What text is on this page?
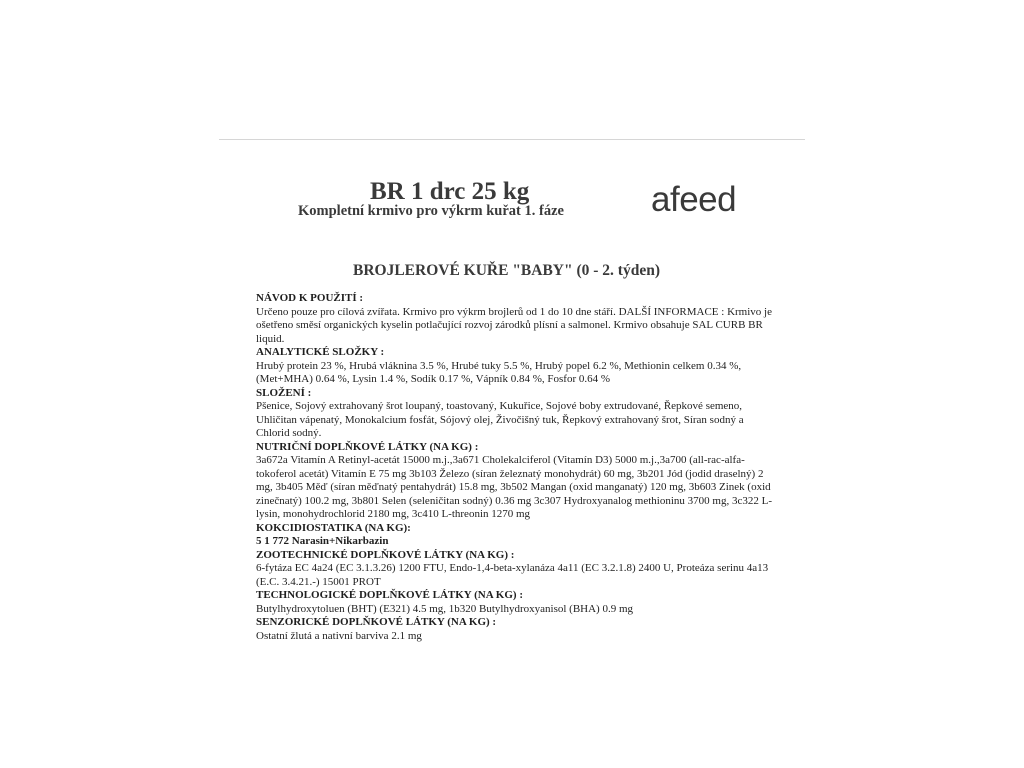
BR 1 drc 25 kg
Kompletní krmivo pro výkrm kuřat 1. fáze afeed
BROJLEROVÉ KUŘE "BABY" (0 - 2. týden)

NÁVOD K POUŽITÍ :

Určeno pouze pro cílová zvířata. Krmivo pro výkrm brojlerů od 1 do 10 dne stáří. DALŠÍ INFORMACE : Krmivo je ošetřeno směsí organických kyselin potlačující rozvoj zárodků plísní a salmonel. Krmivo obsahuje SAL CURB BR liquid.

ANALYTICKÉ SLOŽKY :

Hrubý protein 23 %, Hrubá vláknina 3.5 %, Hrubé tuky 5.5 %, Hrubý popel 6.2 %, Methionin celkem 0.34 %, (Met+MHA) 0.64 %, Lysin 1.4 %, Sodík 0.17 %, Vápník 0.84 %, Fosfor 0.64 %

SLOŽENÍ :

Pšenice, Sojový extrahovaný šrot loupaný, toastovaný, Kukuřice, Sojové boby extrudované, Řepkové semeno, Uhličitan vápenatý, Monokalcium fosfát, Sójový olej, Živočišný tuk, Řepkový extrahovaný šrot, Síran sodný a Chlorid sodný.

NUTRIČNÍ DOPLŇKOVÉ LÁTKY (NA KG) :

3a672a Vitamín A Retinyl-acetát 15000 m.j.,3a671 Cholekalciferol (Vitamín D3) 5000 m.j.,3a700 (all-rac-alfa-tokoferol acetát) Vitamín E 75 mg 3b103 Železo (síran železnatý monohydrát) 60 mg, 3b201 Jód (jodid draselný) 2 mg, 3b405 Měď (síran měďnatý pentahydrát) 15.8 mg, 3b502 Mangan (oxid manganatý) 120 mg, 3b603 Zinek (oxid zinečnatý) 100.2 mg, 3b801 Selen (seleničitan sodný) 0.36 mg 3c307 Hydroxyanalog methioninu 3700 mg, 3c322 L-lysin, monohydrochlorid 2180 mg, 3c410 L-threonin 1270 mg

KOKCIDIOSTATIKA (NA KG):

5 1 772 Narasin+Nikarbazin

ZOOTECHNICKÉ DOPLŇKOVÉ LÁTKY (NA KG) :

6-fytáza EC 4a24 (EC 3.1.3.26) 1200 FTU, Endo-1,4-beta-xylanáza 4a11 (EC 3.2.1.8) 2400 U, Proteáza serinu 4a13 (E.C. 3.4.21.-) 15001 PROT

TECHNOLOGICKÉ DOPLŇKOVÉ LÁTKY (NA KG) :

Butylhydroxytoluen (BHT) (E321) 4.5 mg, 1b320 Butylhydroxyanisol (BHA) 0.9 mg

SENZORICKÉ DOPLŇKOVÉ LÁTKY (NA KG) :

Ostatní žlutá a nativní barviva 2.1 mg
